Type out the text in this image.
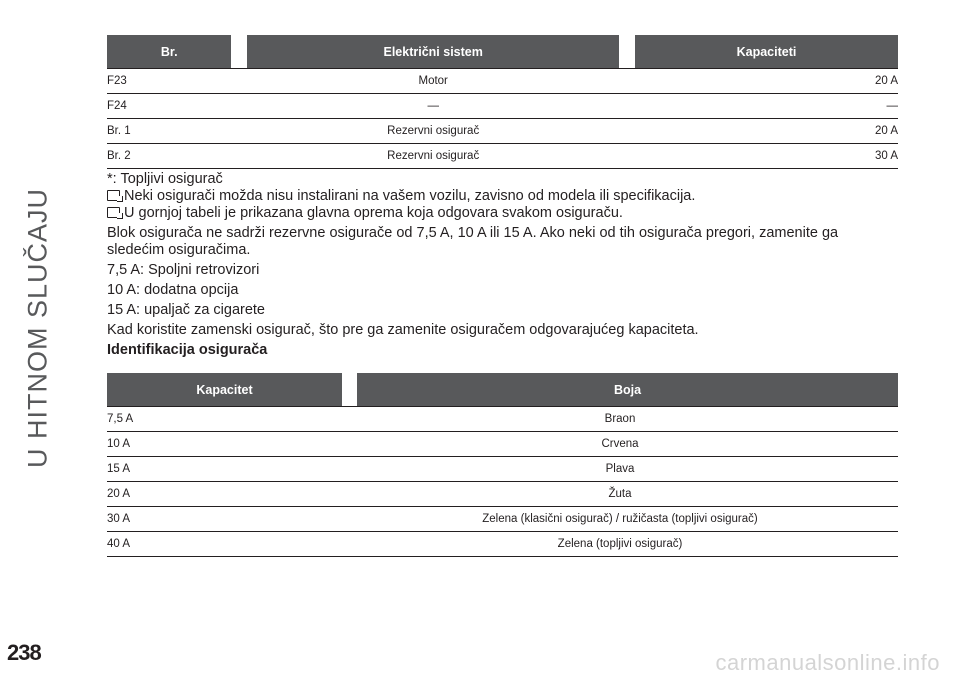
U HITNOM SLUČAJU
Br.		Električni sistem		Kapaciteti
F23	Motor			20 A
F24	—			—
Br. 1	Rezervni osigurač			20 A
Br. 2	Rezervni osigurač			30 A

*: Topljivi osigurač

Neki osigurači možda nisu instalirani na vašem vozilu, zavisno od modela ili specifikacija.

U gornjoj tabeli je prikazana glavna oprema koja odgovara svakom osiguraču.

Blok osigurača ne sadrži rezervne osigurače od 7,5 A, 10 A ili 15 A. Ako neki od tih osigurača pregori, zamenite ga sledećim osiguračima.

7,5 A: Spoljni retrovizori

10 A: dodatna opcija

15 A: upaljač za cigarete

Kad koristite zamenski osigurač, što pre ga zamenite osiguračem odgovarajućeg kapaciteta.

Identifikacija osigurača

Kapacitet		Boja
7,5 A	Braon	
10 A	Crvena	
15 A	Plava	
20 A	Žuta	
30 A	Zelena (klasični osigurač) / ružičasta (topljivi osigurač)	
40 A	Zelena (topljivi osigurač)	
238	carmanualsonline.info
